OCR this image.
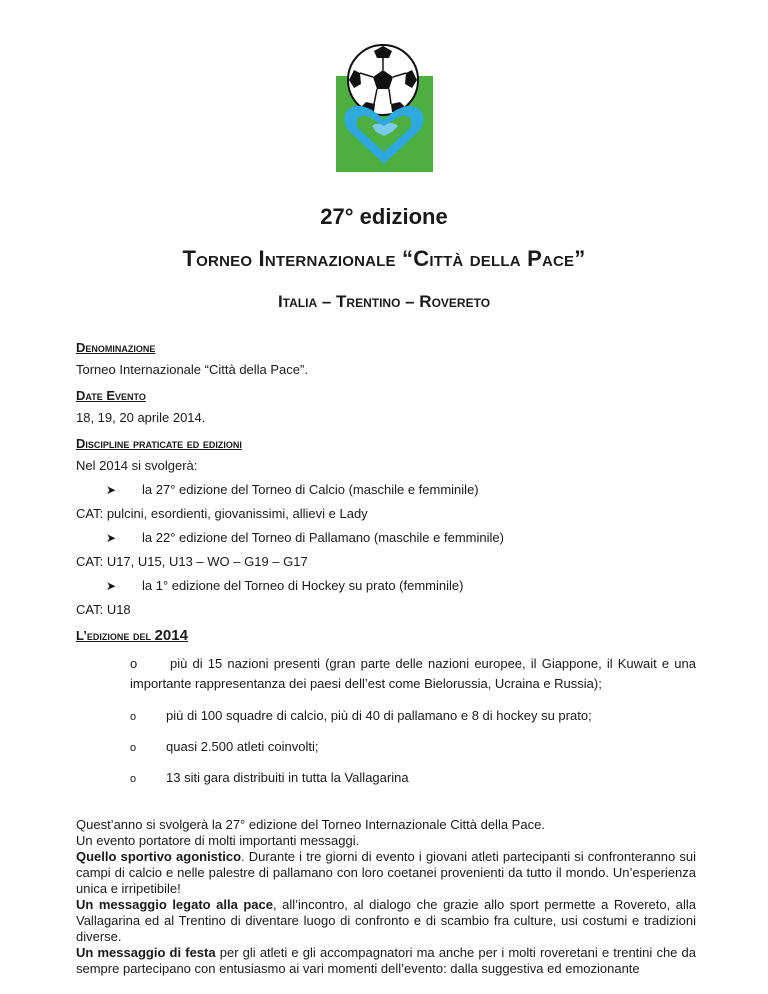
27° edizione
Torneo Internazionale “Città della Pace”
Italia – Trentino – Rovereto

Denominazione

Torneo Internazionale “Città della Pace”.

Date Evento

18, 19, 20 aprile 2014.

Discipline praticate ed edizioni

Nel 2014 si svolgerà:

➤	la 27° edizione del Torneo di Calcio (maschile e femminile)

CAT: pulcini, esordienti, giovanissimi, allievi e Lady

➤	la 22° edizione del Torneo di Pallamano (maschile e femminile)

CAT: U17, U15, U13 – WO – G19 – G17

➤	la 1° edizione del Torneo di Hockey su prato (femminile)

CAT: U18

L’edizione del 2014

o	più di 15 nazioni presenti (gran parte delle nazioni europee, il Giappone, il Kuwait e una importante rappresentanza dei paesi dell’est come Bielorussia, Ucraina e Russia);
o	più di 100 squadre di calcio, più di 40 di pallamano e 8 di hockey su prato;
o	quasi 2.500 atleti coinvolti;
o	13 siti gara distribuiti in tutta la Vallagarina

Quest’anno si svolgerà la 27° edizione del Torneo Internazionale Città della Pace.

Un evento portatore di molti importanti messaggi.

Quello sportivo agonistico. Durante i tre giorni di evento i giovani atleti partecipanti si confronteranno sui campi di calcio e nelle palestre di pallamano con loro coetanei provenienti da tutto il mondo. Un’esperienza unica e irripetibile!

Un messaggio legato alla pace, all’incontro, al dialogo che grazie allo sport permette a Rovereto, alla Vallagarina ed al Trentino di diventare luogo di confronto e di scambio fra culture, usi costumi e tradizioni diverse.

Un messaggio di festa per gli atleti e gli accompagnatori ma anche per i molti roveretani e trentini che da sempre partecipano con entusiasmo ai vari momenti dell’evento: dalla suggestiva ed emozionante
